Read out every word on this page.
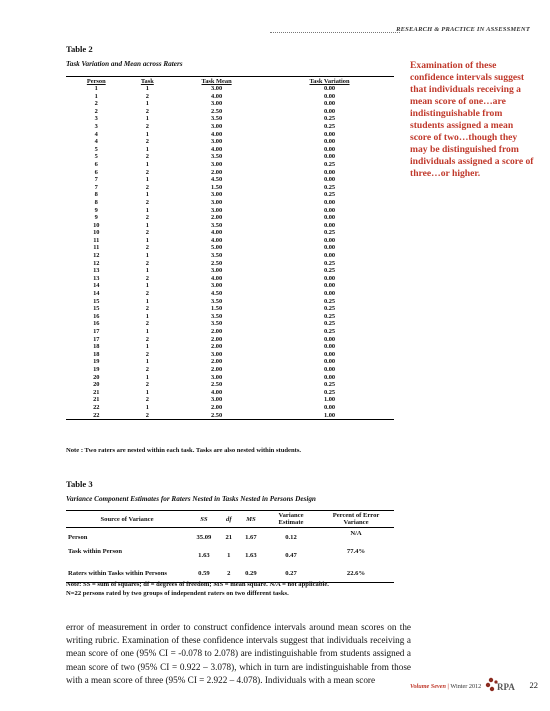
RESEARCH & PRACTICE IN ASSESSMENT
Examination of these confidence intervals suggest that individuals receiving a mean score of one…are indistinguishable from students assigned a mean score of two…though they may be distinguished from individuals assigned a score of three…or higher.
Table 2
Task Variation and Mean across Raters
Person	Task	Task Mean	Task Variation
1	1	3.00	0.00
1	2	4.00	0.00
2	1	3.00	0.00
2	2	2.50	0.00
3	1	3.50	0.25
3	2	3.00	0.25
4	1	4.00	0.00
4	2	3.00	0.00
5	1	4.00	0.00
5	2	3.50	0.00
6	1	3.00	0.25
6	2	2.00	0.00
7	1	4.50	0.00
7	2	1.50	0.25
8	1	3.00	0.25
8	2	3.00	0.00
9	1	3.00	0.00
9	2	2.00	0.00
10	1	3.50	0.00
10	2	4.00	0.25
11	1	4.00	0.00
11	2	5.00	0.00
12	1	3.50	0.00
12	2	2.50	0.25
13	1	3.00	0.25
13	2	4.00	0.00
14	1	3.00	0.00
14	2	4.50	0.00
15	1	3.50	0.25
15	2	1.50	0.25
16	1	3.50	0.25
16	2	3.50	0.25
17	1	2.00	0.25
17	2	2.00	0.00
18	1	2.00	0.00
18	2	3.00	0.00
19	1	2.00	0.00
19	2	2.00	0.00
20	1	3.00	0.00
20	2	2.50	0.25
21	1	4.00	0.25
21	2	3.00	1.00
22	1	2.00	0.00
22	2	2.50	1.00
Note : Two raters are nested within each task. Tasks are also nested within students.
Table 3
Variance Component Estimates for Raters Nested in Tasks Nested in Persons Design
Source of Variance	SS	df	MS	Variance Estimate	Percent of Error Variance
Person	35.09	21	1.67	0.12	N/A
Task within Person	1.63	1	1.63	0.47	77.4%
Raters within Tasks within Persons	0.59	2	0.29	0.27	22.6%
Note: SS = sum of squares; df = degrees of freedom; MS = mean square. N/A = not applicable.
N=22 persons rated by two groups of independent raters on two different tasks.
error of measurement in order to construct confidence intervals around mean scores on the writing rubric. Examination of these confidence intervals suggest that individuals receiving a mean score of one (95% CI = -0.078 to 2.078) are indistinguishable from students assigned a mean score of two (95% CI = 0.922 – 3.078), which in turn are indistinguishable from those with a mean score of three (95% CI = 2.922 – 4.078). Individuals with a mean score
Volume Seven | Winter 2012 RPA 22
